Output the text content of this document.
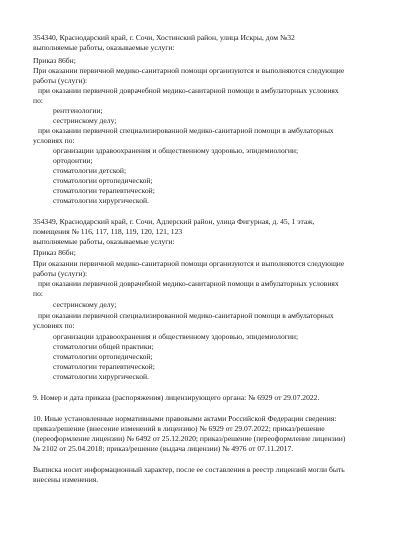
354340, Краснодарский край, г. Сочи, Хостинский район, улица Искры, дом №32
выполняемые работы, оказываемые услуги:
Приказ 86бн;
При оказании первичной медико-санитарной помощи организуются и выполняются следующие
работы (услуги):
при оказании первичной доврачебной медико-санитарной помощи в амбулаторных условиях
по:
рентгенологии;
сестринскому делу;
при оказании первичной специализированной медико-санитарной помощи в амбулаторных
условиях по:
организации здравоохранения и общественному здоровью, эпидемиологии;
ортодонтии;
стоматологии детской;
стоматологии ортопедической;
стоматологии терапевтической;
стоматологии хирургической.
354349, Краснодарский край, г. Сочи, Адлерский район, улица Фигурная, д. 45, 1 этаж,
помещения № 116, 117, 118, 119, 120, 121, 123
выполняемые работы, оказываемые услуги:
Приказ 86бн;
При оказании первичной медико-санитарной помощи организуются и выполняются следующие
работы (услуги):
при оказании первичной доврачебной медико-санитарной помощи в амбулаторных условиях
по:
сестринскому делу;
при оказании первичной специализированной медико-санитарной помощи в амбулаторных
условиях по:
организации здравоохранения и общественному здоровью, эпидемиологии;
стоматологии общей практики;
стоматологии ортопедической;
стоматологии терапевтической;
стоматологии хирургической.
9. Номер и дата приказа (распоряжения) лицензирующего органа: № 6929 от 29.07.2022.
10. Иные установленные нормативными правовыми актами Российской Федерации сведения:
приказ/решение (внесение изменений в лицензию) № 6929 от 29.07.2022; приказ/решение
(переоформление лицензии) № 6492 от 25.12.2020; приказ/решение (переоформление лицензии)
№ 2102 от 25.04.2018; приказ/решение (выдача лицензии) № 4976 от 07.11.2017.
Выписка носит информационный характер, после ее составления в реестр лицензий могли быть
внесены изменения.
